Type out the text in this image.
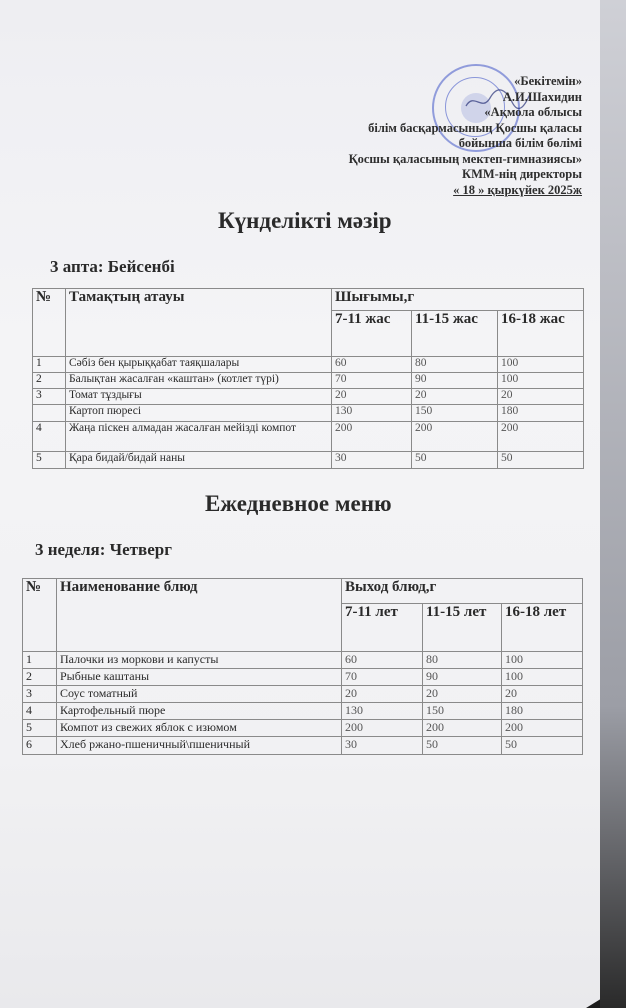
«Бекітемін»
А.И.Шахидин
«Ақмола облысы
білім басқармасының Қосшы қаласы
бойынша білім бөлімі
Қосшы қаласының мектеп-гимназиясы»
КММ-нің директоры
« 18 » қыркүйек 2025ж
Күнделікті мәзір
3 апта: Бейсенбі
№	Тамақтың атауы	Шығымы,г		
		7-11 жас	11-15 жас	16-18 жас
1	Сәбіз бен қырыққабат таяқшалары	60	80	100
2	Балықтан жасалған «каштан» (котлет түрі)	70	90	100
3	Томат тұздығы	20	20	20
	Картоп пюресі	130	150	180
4	Жаңа піскен алмадан жасалған мейізді компот	200	200	200
5	Қара бидай/бидай наны	30	50	50
Ежедневное меню
3 неделя: Четверг
№	Наименование блюд	Выход блюд,г		
		7-11 лет	11-15 лет	16-18 лет
1	Палочки из моркови и капусты	60	80	100
2	Рыбные каштаны	70	90	100
3	Соус томатный	20	20	20
4	Картофельный пюре	130	150	180
5	Компот из свежих яблок с изюмом	200	200	200
6	Хлеб ржано-пшеничный\пшеничный	30	50	50
